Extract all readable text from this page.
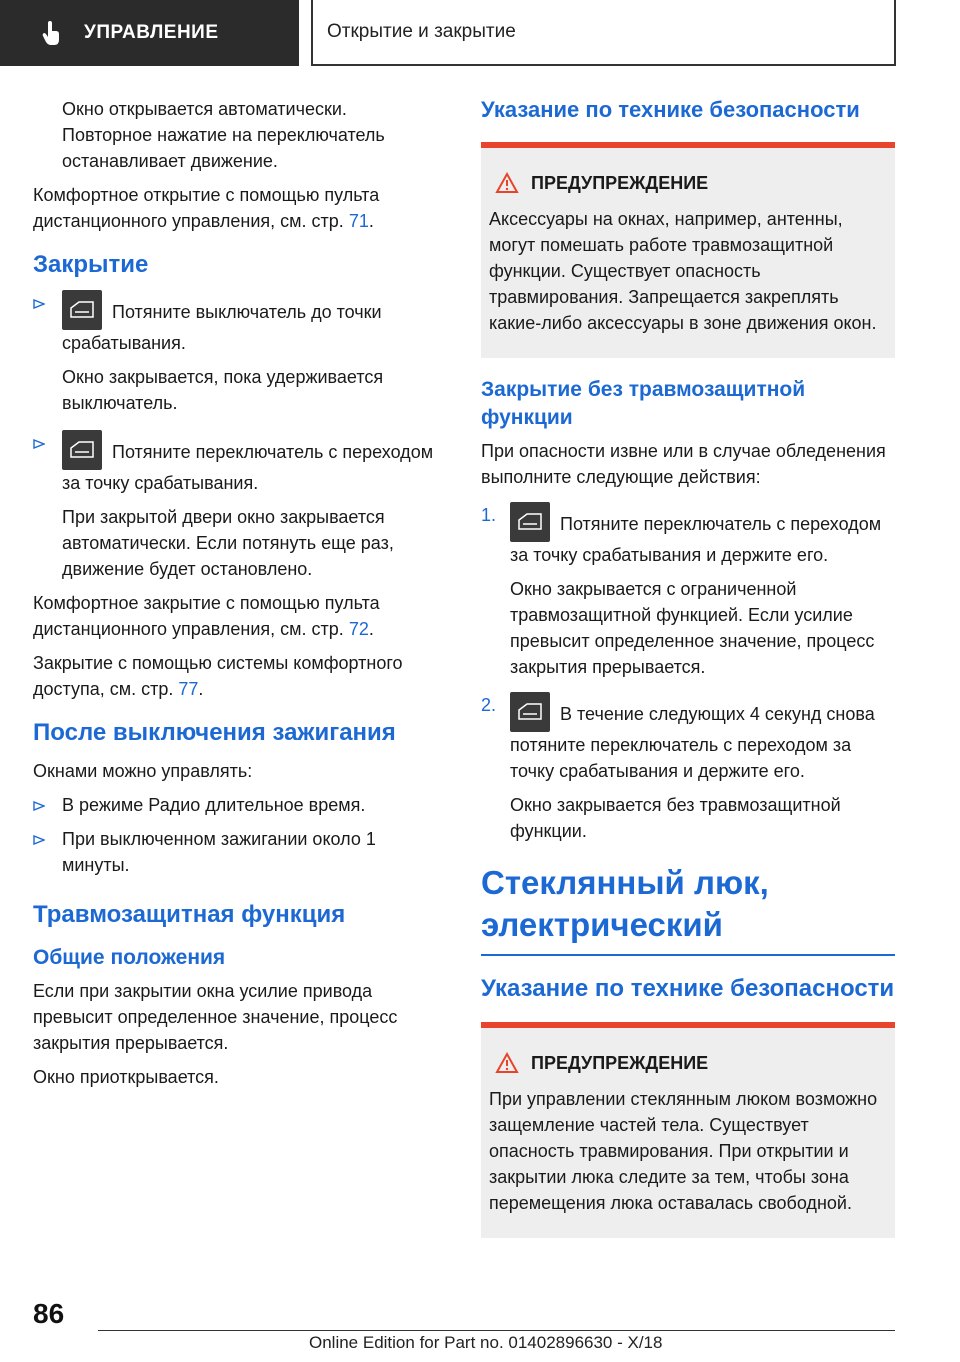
УПРАВЛЕНИЕ	Открытие и закрытие

Окно открывается автоматически. Повторное нажатие на переключатель останавливает движение.

Комфортное открытие с помощью пульта дистанционного управления, см. стр. 71.

Закрытие
Потяните выключатель до точки срабатывания.

Окно закрывается, пока удерживается выключатель.

Потяните переключатель с переходом за точку срабатывания.

При закрытой двери окно закрывается автоматически. Если потянуть еще раз, движение будет остановлено.

Комфортное закрытие с помощью пульта дистанционного управления, см. стр. 72.

Закрытие с помощью системы комфортного доступа, см. стр. 77.

После выключения зажигания

Окнами можно управлять:

В режиме Радио длительное время.
При выключенном зажигании около 1 минуты.
Травмозащитная функция
Общие положения

Если при закрытии окна усилие привода превысит определенное значение, процесс закрытия прерывается.

Окно приоткрывается.

Указание по технике безопасности
ПРЕДУПРЕЖДЕНИЕ
Аксессуары на окнах, например, антенны, могут помешать работе травмозащитной функции. Существует опасность травмирования. Запрещается закреплять какие-либо аксессуары в зоне движения окон.
Закрытие без травмозащитной функции

При опасности извне или в случае обледенения выполните следующие действия:

1.	Потяните переключатель с переходом за точку срабатывания и держите его.

Окно закрывается с ограниченной травмозащитной функцией. Если усилие превысит определенное значение, процесс закрытия прерывается.

2.	В течение следующих 4 секунд снова потяните переключатель с переходом за точку срабатывания и держите его.

Окно закрывается без травмозащитной функции.

Стеклянный люк, электрический
Указание по технике безопасности
ПРЕДУПРЕЖДЕНИЕ
При управлении стеклянным люком возможно защемление частей тела. Существует опасность травмирования. При открытии и закрытии люка следите за тем, чтобы зона перемещения люка оставалась свободной.
86
Online Edition for Part no. 01402896630 - X/18
